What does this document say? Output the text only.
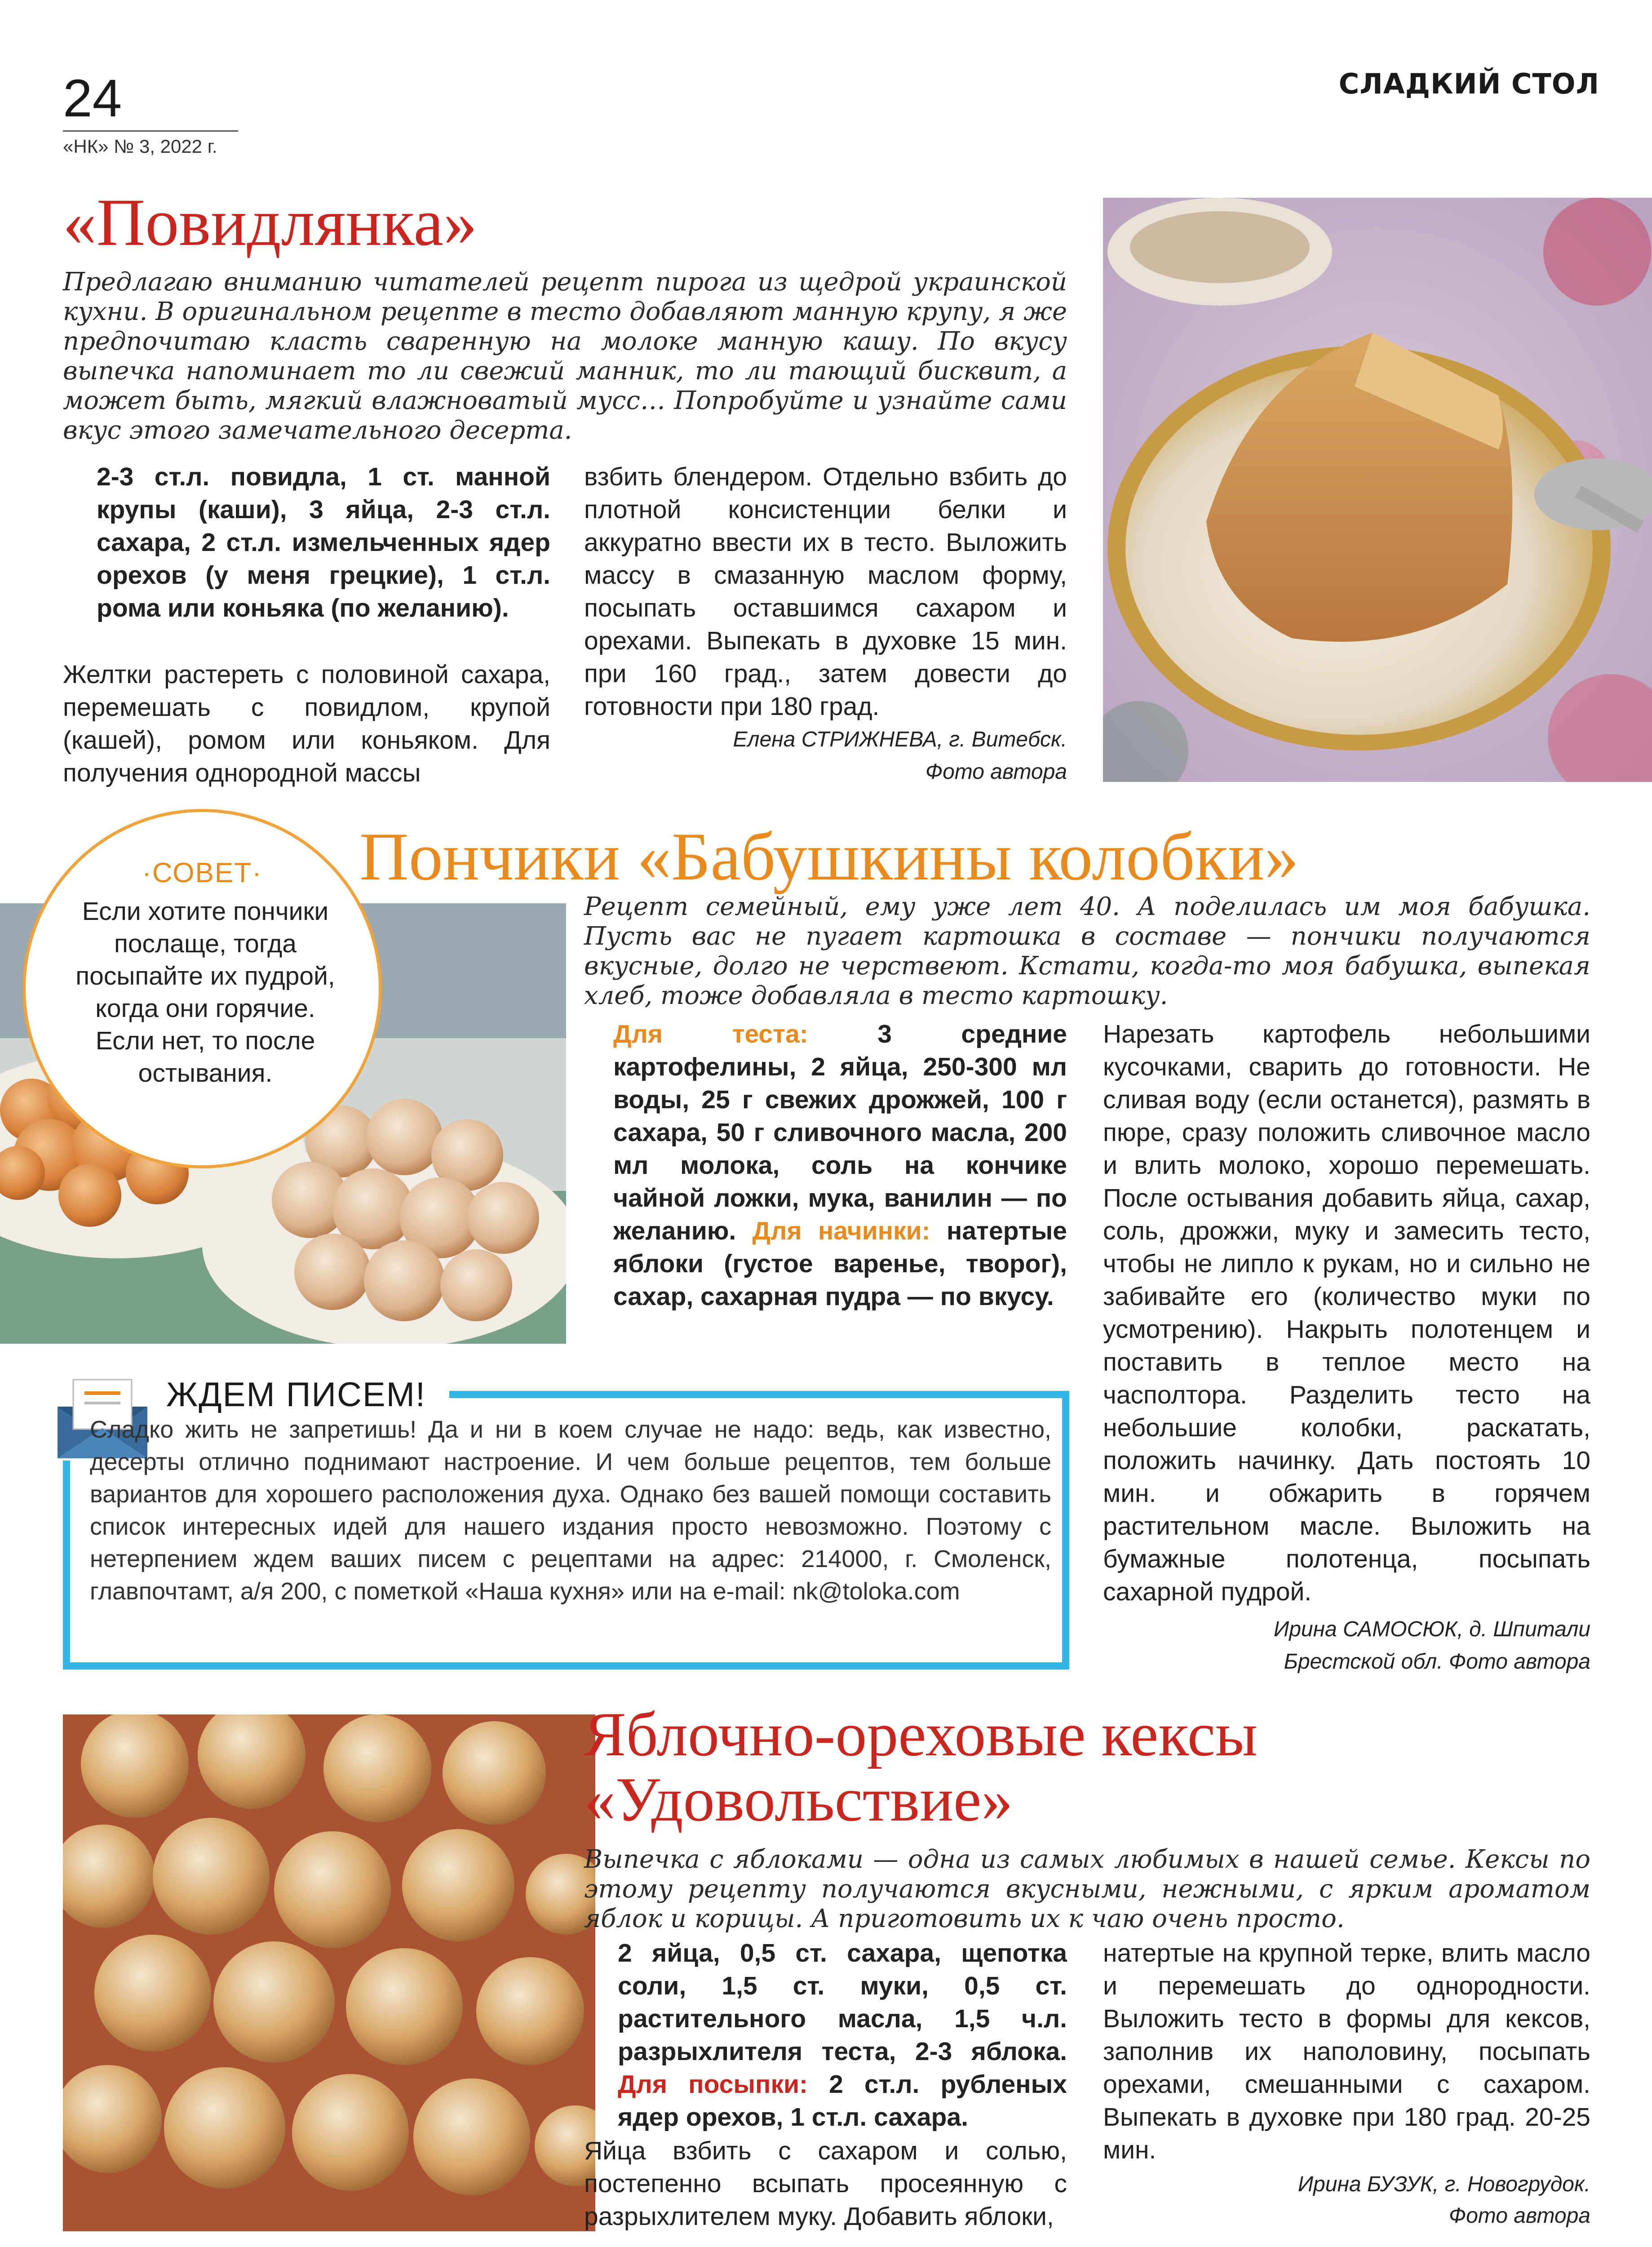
24
«НК» № 3, 2022 г.
СЛАДКИЙ СТОЛ
«Повидлянка»
Предлагаю вниманию читателей рецепт пирога из щедрой украинской кухни. В оригинальном рецепте в тесто добавляют манную крупу, я же предпочитаю класть сваренную на молоке манную кашу. По вкусу выпечка напоминает то ли свежий манник, то ли тающий бисквит, а может быть, мягкий влажноватый мусс… Попробуйте и узнайте сами вкус этого замечательного десерта.
2-3 ст.л. повидла, 1 ст. манной крупы (каши), 3 яйца, 2-3 ст.л. сахара, 2 ст.л. измельченных ядер орехов (у меня грецкие), 1 ст.л. рома или коньяка (по желанию).
Желтки растереть с половиной сахара, перемешать с повидлом, крупой (кашей), ромом или коньяком. Для получения однородной массы
взбить блендером. Отдельно взбить до плотной консистенции белки и аккуратно ввести их в тесто. Выложить массу в смазанную маслом форму, посыпать оставшимся сахаром и орехами. Выпекать в духовке 15 мин. при 160 град., затем довести до готовности при 180 град.
Елена СТРИЖНЕВА, г. Витебск.
Фото автора
Пончики «Бабушкины колобки»
·СОВЕТ·
Если хотите пончики послаще, тогда посыпайте их пудрой, когда они горячие. Если нет, то после остывания.
Рецепт семейный, ему уже лет 40. А поделилась им моя бабушка. Пусть вас не пугает картошка в составе — пончики получаются вкусные, долго не черствеют. Кстати, когда-то моя бабушка, выпекая хлеб, тоже добавляла в тесто картошку.
Для теста:	3 средние картофелины, 2 яйца, 250-300 мл воды, 25 г свежих дрожжей, 100 г сахара, 50 г сливочного масла, 200 мл молока, соль на кончике чайной ложки, мука, ванилин — по желанию. Для начинки: натертые яблоки (густое варенье, творог), сахар, сахарная пудра — по вкусу.
Нарезать картофель небольшими кусочками, сварить до готовности. Не сливая воду (если останется), размять в пюре, сразу положить сливочное масло и влить молоко, хорошо перемешать. После остывания добавить яйца, сахар, соль, дрожжи, муку и замесить тесто, чтобы не липло к рукам, но и сильно не забивайте его (количество муки по усмотрению). Накрыть полотенцем и поставить в теплое место на часполтора. Разделить тесто на небольшие колобки, раскатать, положить начинку. Дать постоять 10 мин. и обжарить в горячем растительном масле. Выложить на бумажные полотенца, посыпать сахарной пудрой.
Ирина САМОСЮК, д. Шпитали
Брестской обл. Фото автора
ЖДЕМ ПИСЕМ!
Сладко жить не запретишь! Да и ни в коем случае не надо: ведь, как известно, десерты отлично поднимают настроение. И чем больше рецептов, тем больше вариантов для хорошего расположения духа. Однако без вашей помощи составить список интересных идей для нашего издания просто невозможно. Поэтому с нетерпением ждем ваших писем с рецептами на адрес: 214000, г. Смоленск, главпочтамт, а/я 200, с пометкой «Наша кухня» или на e-mail: nk@toloka.com
Яблочно-ореховые кексы
«Удовольствие»
Выпечка с яблоками — одна из самых любимых в нашей семье. Кексы по этому рецепту получаются вкусными, нежными, с ярким ароматом яблок и корицы. А приготовить их к чаю очень просто.
2 яйца, 0,5 ст. сахара, щепотка соли, 1,5 ст. муки, 0,5 ст. растительного масла, 1,5 ч.л. разрыхлителя теста, 2-3 яблока. Для посыпки: 2 ст.л. рубленых ядер орехов, 1 ст.л. сахара.
Яйца взбить с сахаром и солью, постепенно всыпать просеянную с разрыхлителем муку. Добавить яблоки,
натертые на крупной терке, влить масло и перемешать до однородности. Выложить тесто в формы для кексов, заполнив их наполовину, посыпать орехами, смешанными с сахаром. Выпекать в духовке при 180 град. 20-25 мин.
Ирина БУЗУК, г. Новогрудок.
Фото автора
